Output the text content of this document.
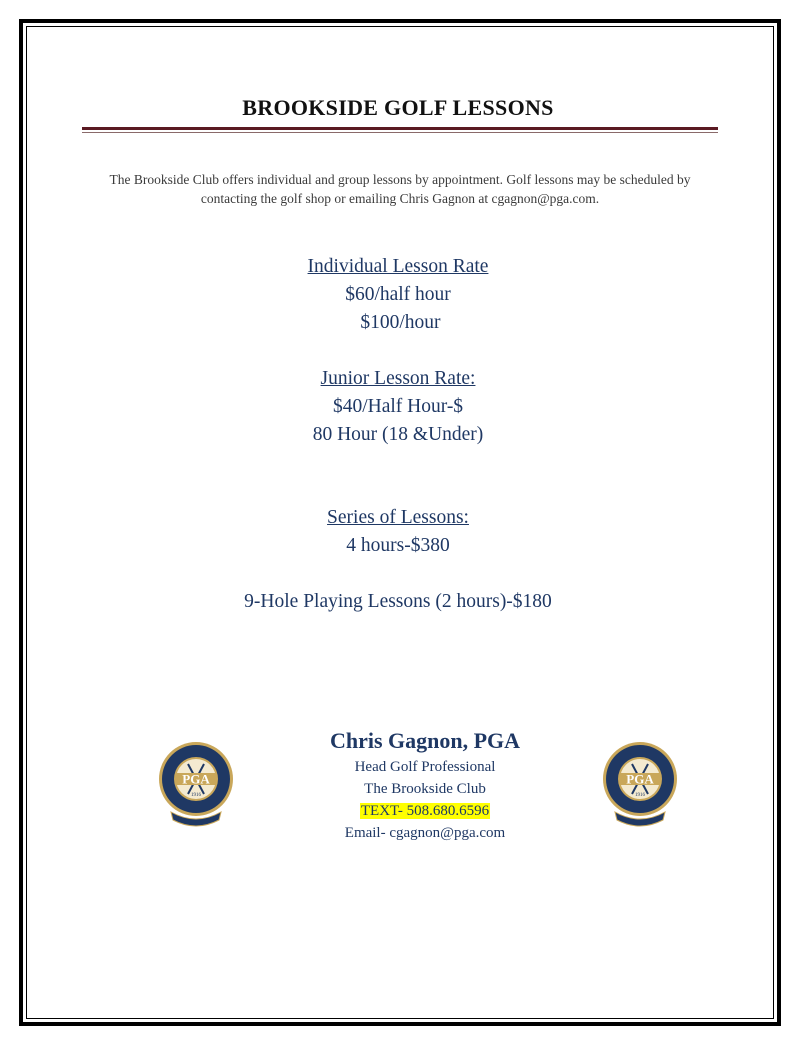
BROOKSIDE GOLF LESSONS
The Brookside Club offers individual and group lessons by appointment. Golf lessons may be scheduled by contacting the golf shop or emailing Chris Gagnon at cgagnon@pga.com.
Individual Lesson Rate
$60/half hour
$100/hour
Junior Lesson Rate:
$40/Half Hour-$
80 Hour (18 &Under)
Series of Lessons:
4 hours-$380
9-Hole Playing Lessons (2 hours)-$180
Chris Gagnon, PGA
Head Golf Professional
The Brookside Club
TEXT- 508.680.6596
Email- cgagnon@pga.com
PGA
1916
PGA
1916
